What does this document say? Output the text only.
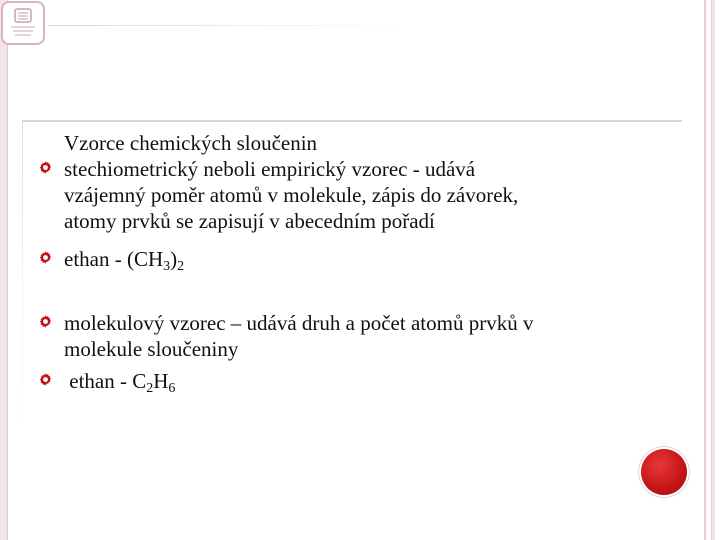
Vzorce chemických sloučenin
stechiometrický neboli empirický vzorec - udává
vzájemný poměr atomů v molekule, zápis do závorek,
atomy prvků se zapisují v abecedním pořadí
ethan - $(CH_3)_2$
molekulový vzorec – udává druh a počet atomů prvků v
molekule sloučeniny
ethan - $C_2H_6$
